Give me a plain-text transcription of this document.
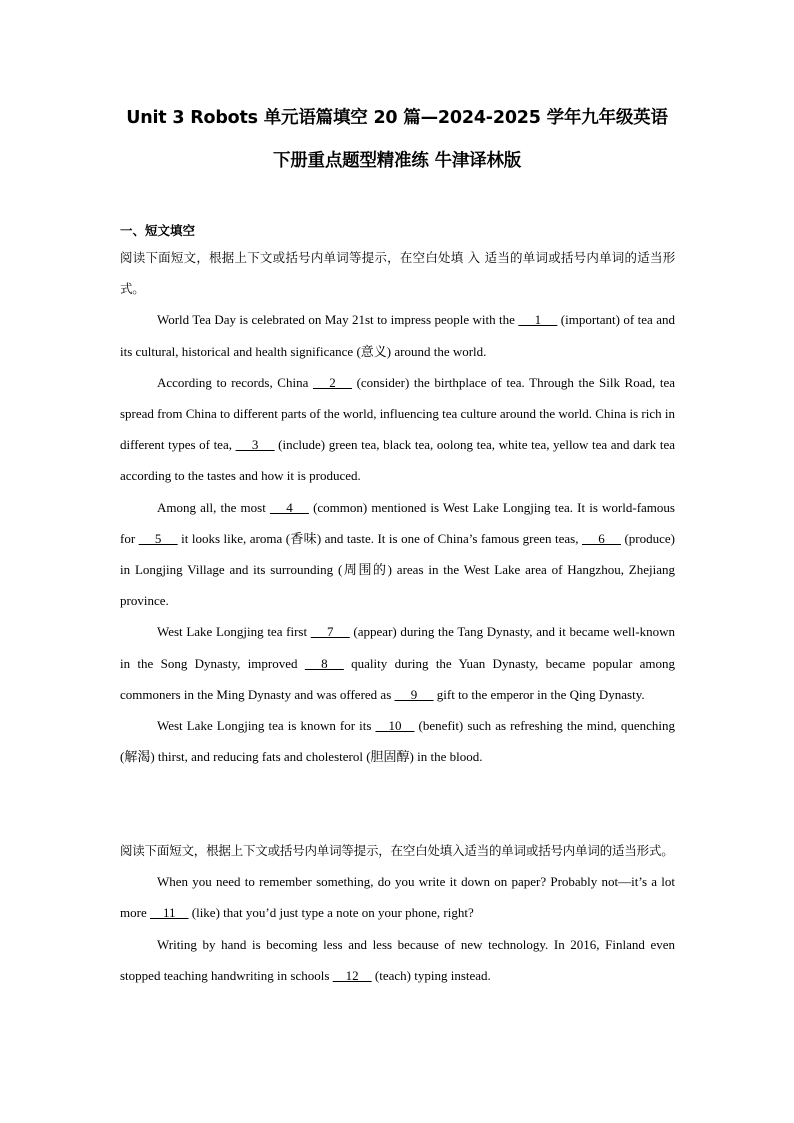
Unit 3 Robots 单元语篇填空 20 篇—2024-2025 学年九年级英语
下册重点题型精准练 牛津译林版
一、短文填空

阅读下面短文，根据上下文或括号内单词等提示，在空白处填 入 适当的单词或括号内单词的适当形式。

World Tea Day is celebrated on May 21st to impress people with the      1      (important) of tea and its cultural, historical and health significance (意义) around the world.

According to records, China      2      (consider) the birthplace of tea. Through the Silk Road, tea spread from China to different parts of the world, influencing tea culture around the world. China is rich in different types of tea,      3      (include) green tea, black tea, oolong tea, white tea, yellow tea and dark tea according to the tastes and how it is produced.

Among all, the most      4      (common) mentioned is West Lake Longjing tea. It is world-famous for      5      it looks like, aroma (香味) and taste. It is one of China’s famous green teas,      6      (produce) in Longjing Village and its surrounding (周围的) areas in the West Lake area of Hangzhou, Zhejiang province.

West Lake Longjing tea first      7      (appear) during the Tang Dynasty, and it became well-known in the Song Dynasty, improved      8      quality during the Yuan Dynasty, became popular among commoners in the Ming Dynasty and was offered as      9      gift to the emperor in the Qing Dynasty.

West Lake Longjing tea is known for its     10     (benefit) such as refreshing the mind, quenching (解渴) thirst, and reducing fats and cholesterol (胆固醇) in the blood.

阅读下面短文，根据上下文或括号内单词等提示，在空白处填入适当的单词或括号内单词的适当形式。

When you need to remember something, do you write it down on paper? Probably not—it’s a lot more     11     (like) that you’d just type a note on your phone, right?

Writing by hand is becoming less and less because of new technology. In 2016, Finland even stopped teaching handwriting in schools     12     (teach) typing instead.
